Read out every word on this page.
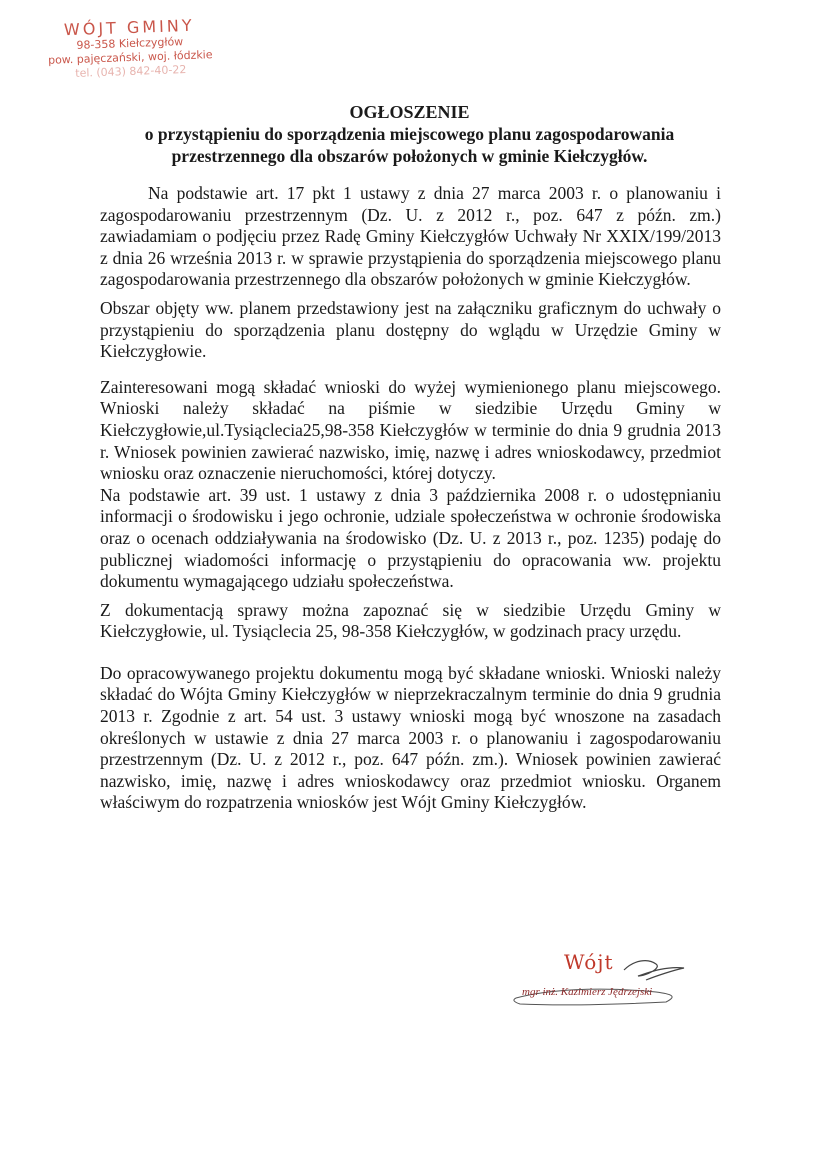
WÓJT GMINY
98-358 Kiełczygłów
pow. pajęczański, woj. łódzkie
tel. (043) 842-40-22
OGŁOSZENIE
o przystąpieniu do sporządzenia miejscowego planu zagospodarowania
przestrzennego dla obszarów położonych w gminie Kiełczygłów.

Na podstawie art. 17 pkt 1 ustawy z dnia 27 marca 2003 r. o planowaniu i zagospodarowaniu przestrzennym (Dz. U. z 2012 r., poz. 647 z późn. zm.) zawiadamiam o podjęciu przez Radę Gminy Kiełczygłów Uchwały Nr XXIX/199/2013 z dnia 26 września 2013 r. w sprawie przystąpienia do sporządzenia miejscowego planu zagospodarowania przestrzennego dla obszarów położonych w gminie Kiełczygłów.

Obszar objęty ww. planem przedstawiony jest na załączniku graficznym do uchwały o przystąpieniu do sporządzenia planu dostępny do wglądu w Urzędzie Gminy w Kiełczygłowie.

Zainteresowani mogą składać wnioski do wyżej wymienionego planu miejscowego. Wnioski należy składać na piśmie w siedzibie Urzędu Gminy w Kiełczygłowie,ul.Tysiąclecia25,98-358 Kiełczygłów w terminie do dnia 9 grudnia 2013 r. Wniosek powinien zawierać nazwisko, imię, nazwę i adres wnioskodawcy, przedmiot wniosku oraz oznaczenie nieruchomości, której dotyczy.

Na podstawie art. 39 ust. 1 ustawy z dnia 3 października 2008 r. o udostępnianiu informacji o środowisku i jego ochronie, udziale społeczeństwa w ochronie środowiska oraz o ocenach oddziaływania na środowisko (Dz. U. z 2013 r., poz. 1235) podaję do publicznej wiadomości informację o przystąpieniu do opracowania ww. projektu dokumentu wymagającego udziału społeczeństwa.

Z dokumentacją sprawy można zapoznać się w siedzibie Urzędu Gminy w Kiełczygłowie, ul. Tysiąclecia 25, 98-358 Kiełczygłów, w godzinach pracy urzędu.

Do opracowywanego projektu dokumentu mogą być składane wnioski. Wnioski należy składać do Wójta Gminy Kiełczygłów w nieprzekraczalnym terminie do dnia 9 grudnia 2013 r. Zgodnie z art. 54 ust. 3 ustawy wnioski mogą być wnoszone na zasadach określonych w ustawie z dnia 27 marca 2003 r. o planowaniu i zagospodarowaniu przestrzennym (Dz. U. z 2012 r., poz. 647 późn. zm.). Wniosek powinien zawierać nazwisko, imię, nazwę i adres wnioskodawcy oraz przedmiot wniosku. Organem właściwym do rozpatrzenia wniosków jest Wójt Gminy Kiełczygłów.

Wójt
mgr inż. Kazimierz Jędrzejski
